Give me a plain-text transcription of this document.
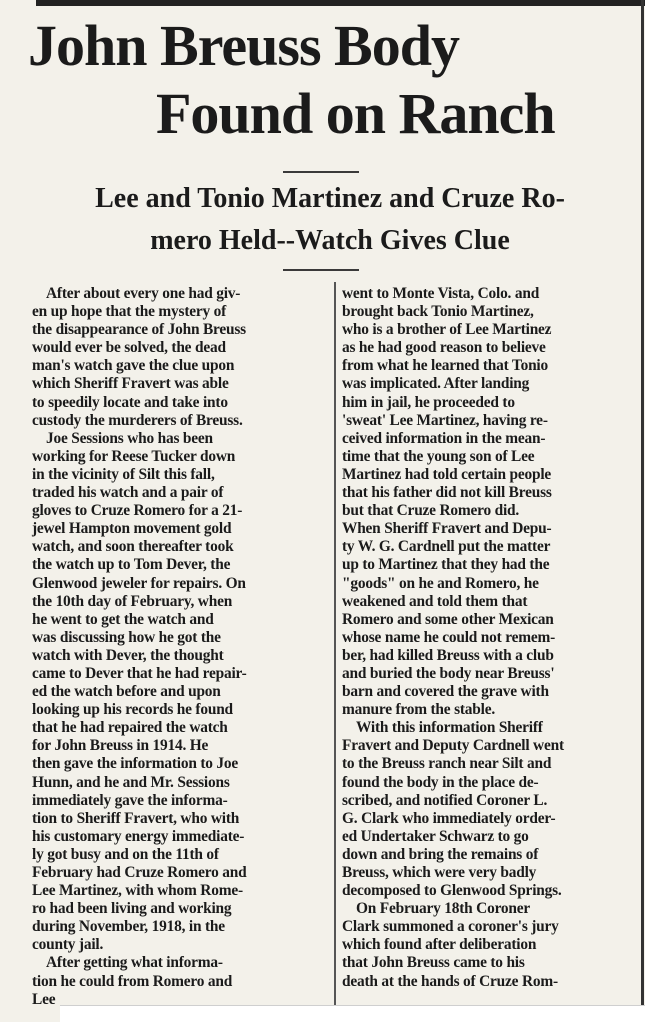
John Breuss Body
Found on Ranch
Lee and Tonio Martinez and Cruze Ro-
mero Held--Watch Gives Clue

After about every one had giv-

en up hope that the mystery of

the disappearance of John Breuss

would ever be solved, the dead

man's watch gave the clue upon

which Sheriff Fravert was able

to speedily locate and take into

custody the murderers of Breuss.

Joe Sessions who has been

working for Reese Tucker down

in the vicinity of Silt this fall,

traded his watch and a pair of

gloves to Cruze Romero for a 21-

jewel Hampton movement gold

watch, and soon thereafter took

the watch up to Tom Dever, the

Glenwood jeweler for repairs. On

the 10th day of February, when

he went to get the watch and

was discussing how he got the

watch with Dever, the thought

came to Dever that he had repair-

ed the watch before and upon

looking up his records he found

that he had repaired the watch

for John Breuss in 1914. He

then gave the information to Joe

Hunn, and he and Mr. Sessions

immediately gave the informa-

tion to Sheriff Fravert, who with

his customary energy immediate-

ly got busy and on the 11th of

February had Cruze Romero and

Lee Martinez, with whom Rome-

ro had been living and working

during November, 1918, in the

county jail.

After getting what informa-

tion he could from Romero and

Lee

went to Monte Vista, Colo. and

brought back Tonio Martinez,

who is a brother of Lee Martinez

as he had good reason to believe

from what he learned that Tonio

was implicated. After landing

him in jail, he proceeded to

'sweat' Lee Martinez, having re-

ceived information in the mean-

time that the young son of Lee

Martinez had told certain people

that his father did not kill Breuss

but that Cruze Romero did.

When Sheriff Fravert and Depu-

ty W. G. Cardnell put the matter

up to Martinez that they had the

"goods" on he and Romero, he

weakened and told them that

Romero and some other Mexican

whose name he could not remem-

ber, had killed Breuss with a club

and buried the body near Breuss'

barn and covered the grave with

manure from the stable.

With this information Sheriff

Fravert and Deputy Cardnell went

to the Breuss ranch near Silt and

found the body in the place de-

scribed, and notified Coroner L.

G. Clark who immediately order-

ed Undertaker Schwarz to go

down and bring the remains of

Breuss, which were very badly

decomposed to Glenwood Springs.

On February 18th Coroner

Clark summoned a coroner's jury

which found after deliberation

that John Breuss came to his

death at the hands of Cruze Rom-
